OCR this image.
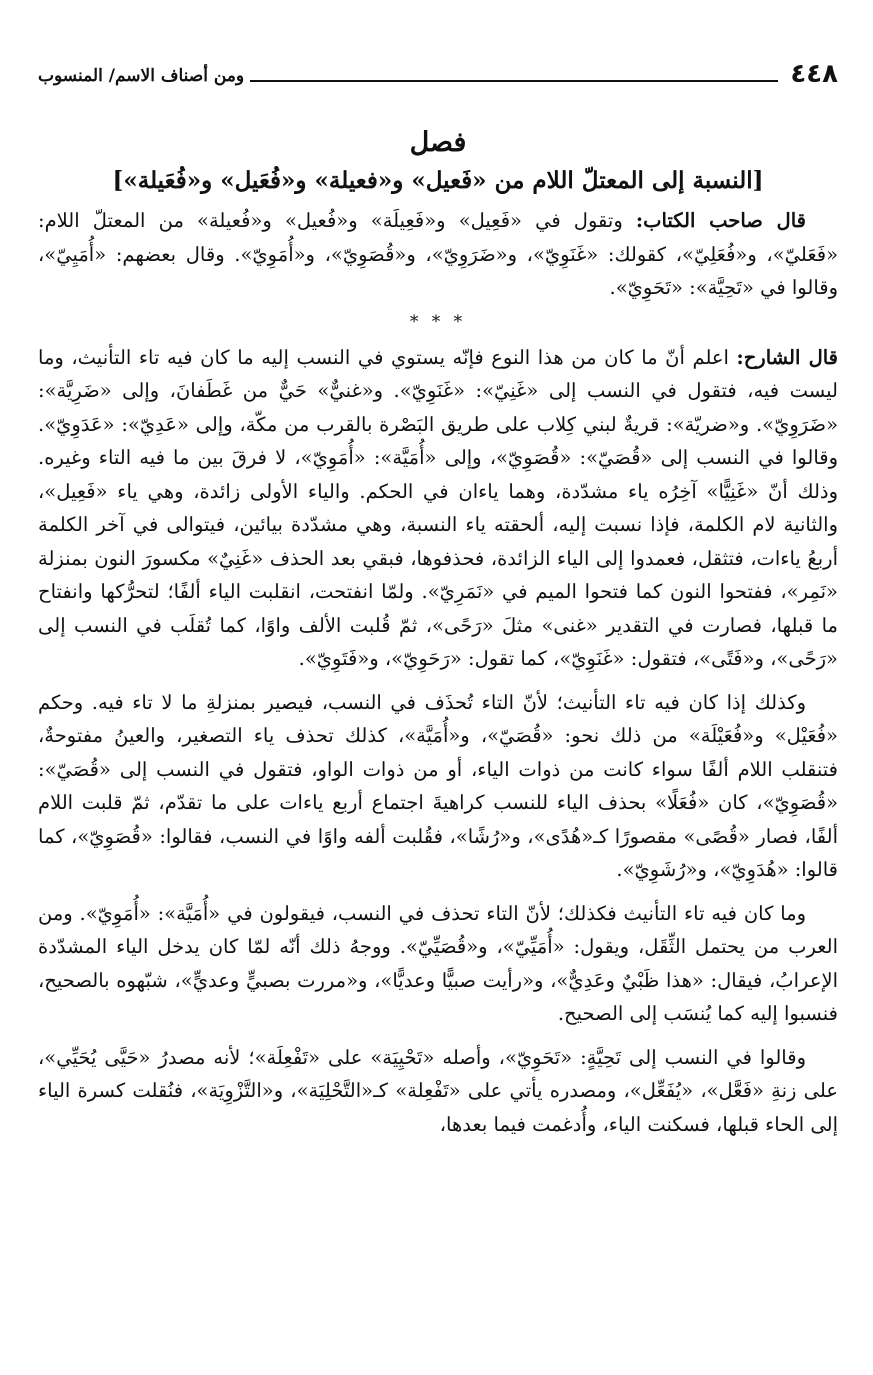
٤٤٨
ومن أصناف الاسم/ المنسوب
فصل
[النسبة إلى المعتلّ اللام من «فَعيل» و«فعيلة» و«فُعَيل» و«فُعَيلة»]

قال صاحب الكتاب: وتقول في «فَعِيل» و«فَعِيلَة» و«فُعيل» و«فُعيلة» من المعتلّ اللام: «فَعَليّ»، و«فُعَلِيّ»، كقولك: «غَنَوِيّ»، و«ضَرَوِيّ»، و«قُصَوِيّ»، و«أُمَوِيّ». وقال بعضهم: «أُمَيِيّ»، وقالوا في «تَحِيَّة»: «تَحَوِيّ».

* * *

قال الشارح: اعلم أنّ ما كان من هذا النوع فإنّه يستوي في النسب إليه ما كان فيه تاء التأنيث، وما ليست فيه، فتقول في النسب إلى «غَنِيّ»: «غَنَوِيّ». و«غنيٌّ» حَيٌّ من غَطَفانَ، وإلى «ضَرِيَّة»: «ضَرَوِيّ». و«ضريّة»: قريةٌ لبني كِلاب على طريق البَصْرة بالقرب من مكّة، وإلى «عَدِيّ»: «عَدَوِيّ». وقالوا في النسب إلى «قُصَيّ»: «قُصَوِيّ»، وإلى «أُمَيَّة»: «أُمَوِيّ»، لا فرقَ بين ما فيه التاء وغيره. وذلك أنّ «غَنِيًّا» آخِرُه ياء مشدّدة، وهما ياءان في الحكم. والياء الأولى زائدة، وهي ياء «فَعِيل»، والثانية لام الكلمة، فإذا نسبت إليه، ألحقته ياء النسبة، وهي مشدّدة بيائين، فيتوالى في آخر الكلمة أربعُ ياءات، فتثقل، فعمدوا إلى الياء الزائدة، فحذفوها، فبقي بعد الحذف «غَنِيٌ» مكسورَ النون بمنزلة «نَمِر»، ففتحوا النون كما فتحوا الميم في «نَمَرِيّ». ولمّا انفتحت، انقلبت الياء ألفًا؛ لتحرُّكها وانفتاح ما قبلها، فصارت في التقدير «غنى» مثلَ «رَحًى»، ثمّ قُلبت الألف واوًا، كما تُقلَب في النسب إلى «رَحًى»، و«فَتًى»، فتقول: «غَنَوِيّ»، كما تقول: «رَحَوِيّ»، و«فَتَوِيّ».

وكذلك إذا كان فيه تاء التأنيث؛ لأنّ التاء تُحذَف في النسب، فيصير بمنزلةِ ما لا تاء فيه. وحكم «فُعَيْل» و«فُعَيْلَة» من ذلك نحو: «قُصَيّ»، و«أُمَيَّة»، كذلك تحذف ياء التصغير، والعينُ مفتوحةٌ، فتنقلب اللام ألفًا سواء كانت من ذوات الياء، أو من ذوات الواو، فتقول في النسب إلى «قُصَيّ»: «قُصَوِيّ»، كان «فُعَلًا» بحذف الياء للنسب كراهيةَ اجتماع أربع ياءات على ما تقدّم، ثمّ قلبت اللام ألفًا، فصار «قُصًى» مقصورًا كـ«هُدًى»، و«رُشًا»، فقُلبت ألفه واوًا في النسب، فقالوا: «قُصَوِيّ»، كما قالوا: «هُدَوِيّ»، و«رُشَوِيّ».

وما كان فيه تاء التأنيث فكذلك؛ لأنّ التاء تحذف في النسب، فيقولون في «أُمَيَّة»: «أُمَوِيّ». ومن العرب من يحتمل الثِّقَل، ويقول: «أُمَيِّيّ»، و«قُصَيِّيّ». ووجهُ ذلك أنّه لمّا كان يدخل الياء المشدّدة الإعرابُ، فيقال: «هذا ظَبْيٌ وعَدِيٌّ»، و«رأيت صبيًّا وعديًّا»، و«مررت بصبيٍّ وعديٍّ»، شبّهوه بالصحيح، فنسبوا إليه كما يُنسَب إلى الصحيح.

وقالوا في النسب إلى تَحِيَّةٍ: «تَحَوِيّ»، وأصله «تَحْيِيَة» على «تَفْعِلَة»؛ لأنه مصدرُ «حَيَّى يُحَيِّي»، على زنةِ «فَعَّل»، «يُفَعِّل»، ومصدره يأتي على «تَفْعِلة» كـ«التَّحْلِيَة»، و«التَّزْوِيَة»، فنُقلت كسرة الياء إلى الحاء قبلها، فسكنت الياء، وأُدغمت فيما بعدها،
